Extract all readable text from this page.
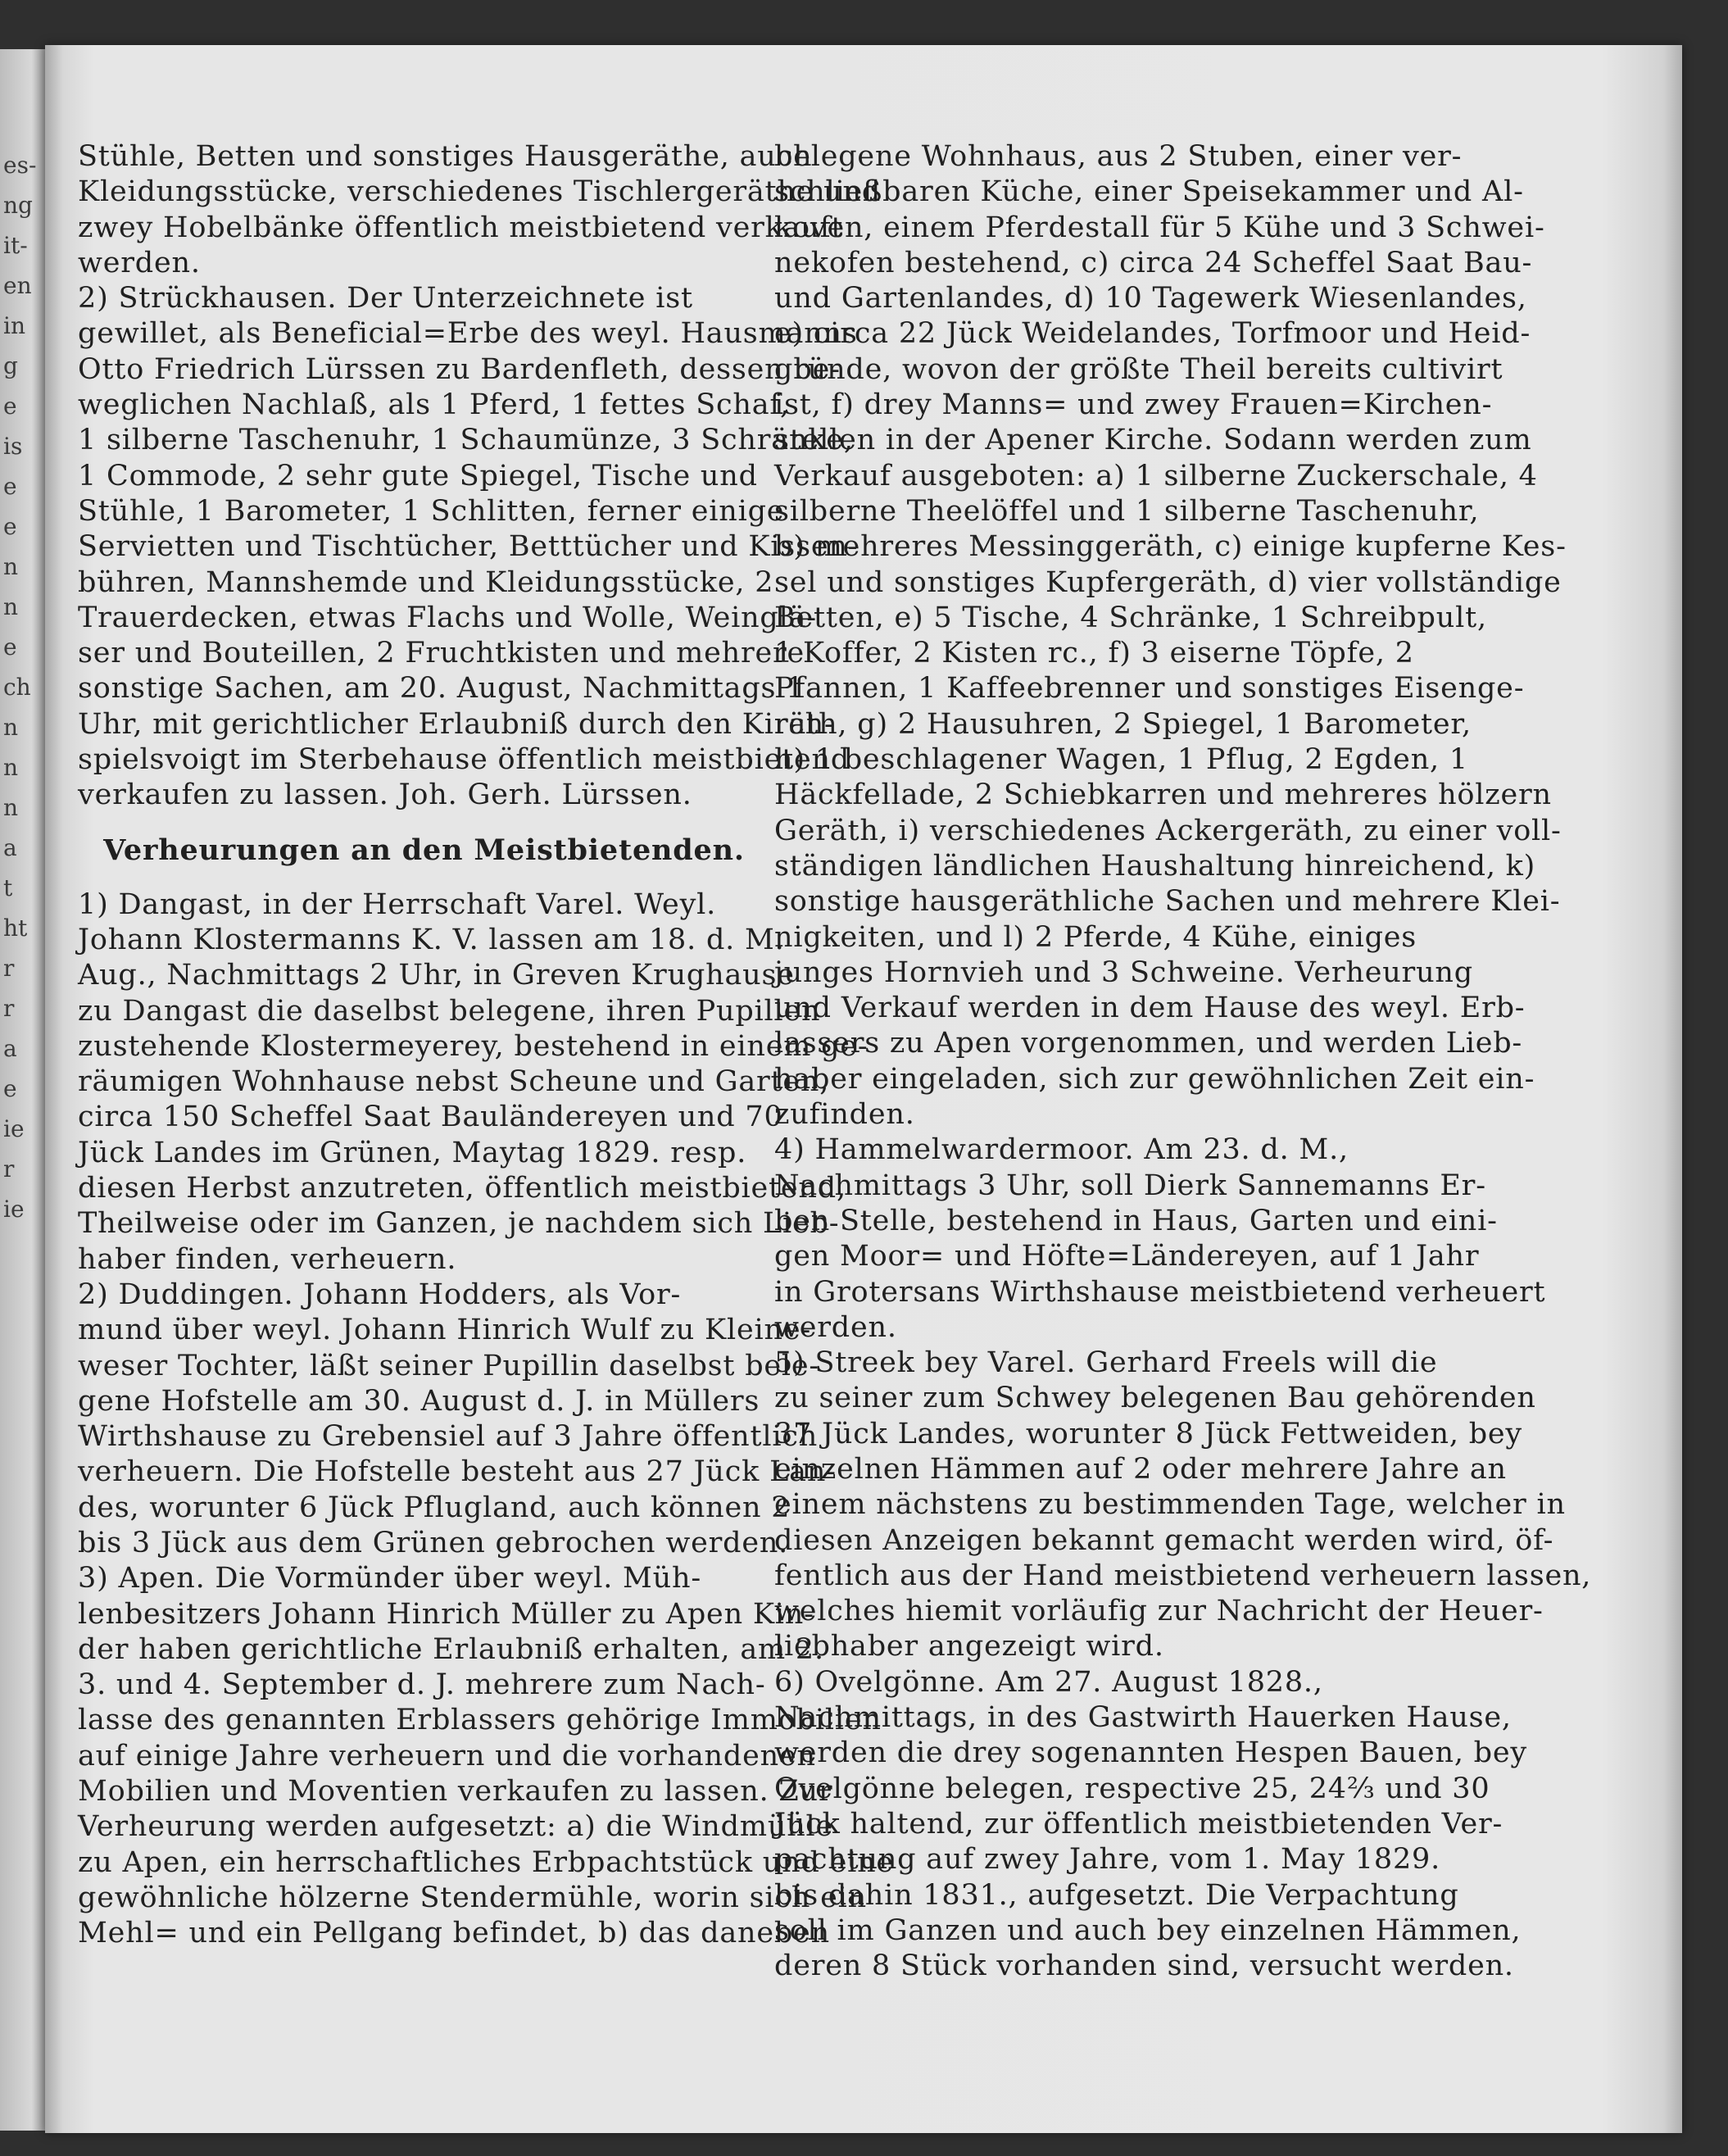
es-
ng
it-
en
in
g
e
is
e
e
n
n
e
ch
n
n
n
a
t
ht
r
r
a
e
ie
r
ie
Stühle, Betten und sonstiges Hausgeräthe, auch
Kleidungsstücke, verschiedenes Tischlergeräthe und
zwey Hobelbänke öffentlich meistbietend verkauft
werden.
2) Strückhausen. Der Unterzeichnete ist
gewillet, als Beneficial=Erbe des weyl. Hausmanns
Otto Friedrich Lürssen zu Bardenfleth, dessen be-
weglichen Nachlaß, als 1 Pferd, 1 fettes Schaf,
1 silberne Taschenuhr, 1 Schaumünze, 3 Schränke,
1 Commode, 2 sehr gute Spiegel, Tische und
Stühle, 1 Barometer, 1 Schlitten, ferner einige
Servietten und Tischtücher, Betttücher und Kissen-
bühren, Mannshemde und Kleidungsstücke, 2
Trauerdecken, etwas Flachs und Wolle, Weinglä-
ser und Bouteillen, 2 Fruchtkisten und mehrere
sonstige Sachen, am 20. August, Nachmittags 1
Uhr, mit gerichtlicher Erlaubniß durch den Kirch-
spielsvoigt im Sterbehause öffentlich meistbietend
verkaufen zu lassen. Joh. Gerh. Lürssen.
Verheurungen an den Meistbietenden.
1) Dangast, in der Herrschaft Varel. Weyl.
Johann Klostermanns K. V. lassen am 18. d. M.
Aug., Nachmittags 2 Uhr, in Greven Krughause
zu Dangast die daselbst belegene, ihren Pupillen
zustehende Klostermeyerey, bestehend in einem ge-
räumigen Wohnhause nebst Scheune und Garten,
circa 150 Scheffel Saat Bauländereyen und 70
Jück Landes im Grünen, Maytag 1829. resp.
diesen Herbst anzutreten, öffentlich meistbietend,
Theilweise oder im Ganzen, je nachdem sich Lieb-
haber finden, verheuern.
2) Duddingen. Johann Hodders, als Vor-
mund über weyl. Johann Hinrich Wulf zu Kleine-
weser Tochter, läßt seiner Pupillin daselbst bele-
gene Hofstelle am 30. August d. J. in Müllers
Wirthshause zu Grebensiel auf 3 Jahre öffentlich
verheuern. Die Hofstelle besteht aus 27 Jück Lan-
des, worunter 6 Jück Pflugland, auch können 2
bis 3 Jück aus dem Grünen gebrochen werden.
3) Apen. Die Vormünder über weyl. Müh-
lenbesitzers Johann Hinrich Müller zu Apen Kin-
der haben gerichtliche Erlaubniß erhalten, am 2.
3. und 4. September d. J. mehrere zum Nach-
lasse des genannten Erblassers gehörige Immobilien
auf einige Jahre verheuern und die vorhandenen
Mobilien und Moventien verkaufen zu lassen. Zur
Verheurung werden aufgesetzt: a) die Windmühle
zu Apen, ein herrschaftliches Erbpachtstück und eine
gewöhnliche hölzerne Stendermühle, worin sich ein
Mehl= und ein Pellgang befindet, b) das daneben
belegene Wohnhaus, aus 2 Stuben, einer ver-
schließbaren Küche, einer Speisekammer und Al-
koven, einem Pferdestall für 5 Kühe und 3 Schwei-
nekofen bestehend, c) circa 24 Scheffel Saat Bau-
und Gartenlandes, d) 10 Tagewerk Wiesenlandes,
e) circa 22 Jück Weidelandes, Torfmoor und Heid-
gründe, wovon der größte Theil bereits cultivirt
ist, f) drey Manns= und zwey Frauen=Kirchen-
stellen in der Apener Kirche. Sodann werden zum
Verkauf ausgeboten: a) 1 silberne Zuckerschale, 4
silberne Theelöffel und 1 silberne Taschenuhr,
b) mehreres Messinggeräth, c) einige kupferne Kes-
sel und sonstiges Kupfergeräth, d) vier vollständige
Betten, e) 5 Tische, 4 Schränke, 1 Schreibpult,
1 Koffer, 2 Kisten rc., f) 3 eiserne Töpfe, 2
Pfannen, 1 Kaffeebrenner und sonstiges Eisenge-
räth, g) 2 Hausuhren, 2 Spiegel, 1 Barometer,
h) 1 beschlagener Wagen, 1 Pflug, 2 Egden, 1
Häckfellade, 2 Schiebkarren und mehreres hölzern
Geräth, i) verschiedenes Ackergeräth, zu einer voll-
ständigen ländlichen Haushaltung hinreichend, k)
sonstige hausgeräthliche Sachen und mehrere Klei-
nigkeiten, und l) 2 Pferde, 4 Kühe, einiges
junges Hornvieh und 3 Schweine. Verheurung
und Verkauf werden in dem Hause des weyl. Erb-
lassers zu Apen vorgenommen, und werden Lieb-
haber eingeladen, sich zur gewöhnlichen Zeit ein-
zufinden.
4) Hammelwardermoor. Am 23. d. M.,
Nachmittags 3 Uhr, soll Dierk Sannemanns Er-
ben Stelle, bestehend in Haus, Garten und eini-
gen Moor= und Höfte=Ländereyen, auf 1 Jahr
in Grotersans Wirthshause meistbietend verheuert
werden.
5) Streek bey Varel. Gerhard Freels will die
zu seiner zum Schwey belegenen Bau gehörenden
37 Jück Landes, worunter 8 Jück Fettweiden, bey
einzelnen Hämmen auf 2 oder mehrere Jahre an
einem nächstens zu bestimmenden Tage, welcher in
diesen Anzeigen bekannt gemacht werden wird, öf-
fentlich aus der Hand meistbietend verheuern lassen,
welches hiemit vorläufig zur Nachricht der Heuer-
liebhaber angezeigt wird.
6) Ovelgönne. Am 27. August 1828.,
Nachmittags, in des Gastwirth Hauerken Hause,
werden die drey sogenannten Hespen Bauen, bey
Ovelgönne belegen, respective 25, 24⅔ und 30
Jück haltend, zur öffentlich meistbietenden Ver-
pachtung auf zwey Jahre, vom 1. May 1829.
bis dahin 1831., aufgesetzt. Die Verpachtung
soll im Ganzen und auch bey einzelnen Hämmen,
deren 8 Stück vorhanden sind, versucht werden.
